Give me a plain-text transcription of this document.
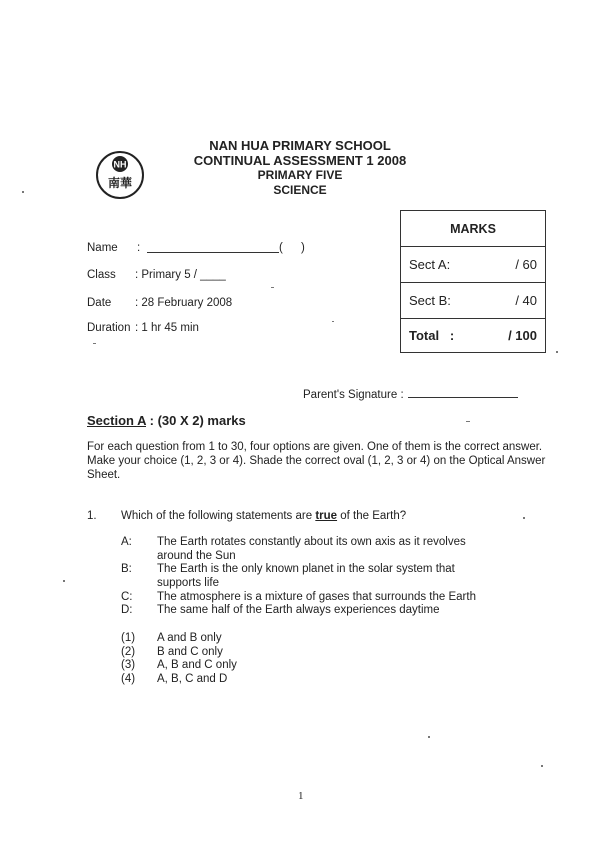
NH
南華
NAN HUA PRIMARY SCHOOL
CONTINUAL ASSESSMENT 1 2008
PRIMARY FIVE
SCIENCE
Name :	( )
Class : Primary 5 / ____
Date : 28 February 2008
Duration : 1 hr 45 min
MARKS
Sect A:	/ 60
Sect B:	/ 40
Total   :	/ 100
Parent's Signature :
Section A : (30 X 2) marks
For each question from 1 to 30, four options are given. One of them is the correct answer. Make your choice (1, 2, 3 or 4). Shade the correct oval (1, 2, 3 or 4) on the Optical Answer Sheet.
1. Which of the following statements are true of the Earth?
A: The Earth rotates constantly about its own axis as it revolves
around the Sun
B: The Earth is the only known planet in the solar system that
supports life
C: The atmosphere is a mixture of gases that surrounds the Earth
D: The same half of the Earth always experiences daytime
(1) A and B only
(2) B and C only
(3) A, B and C only
(4) A, B, C and D
1
